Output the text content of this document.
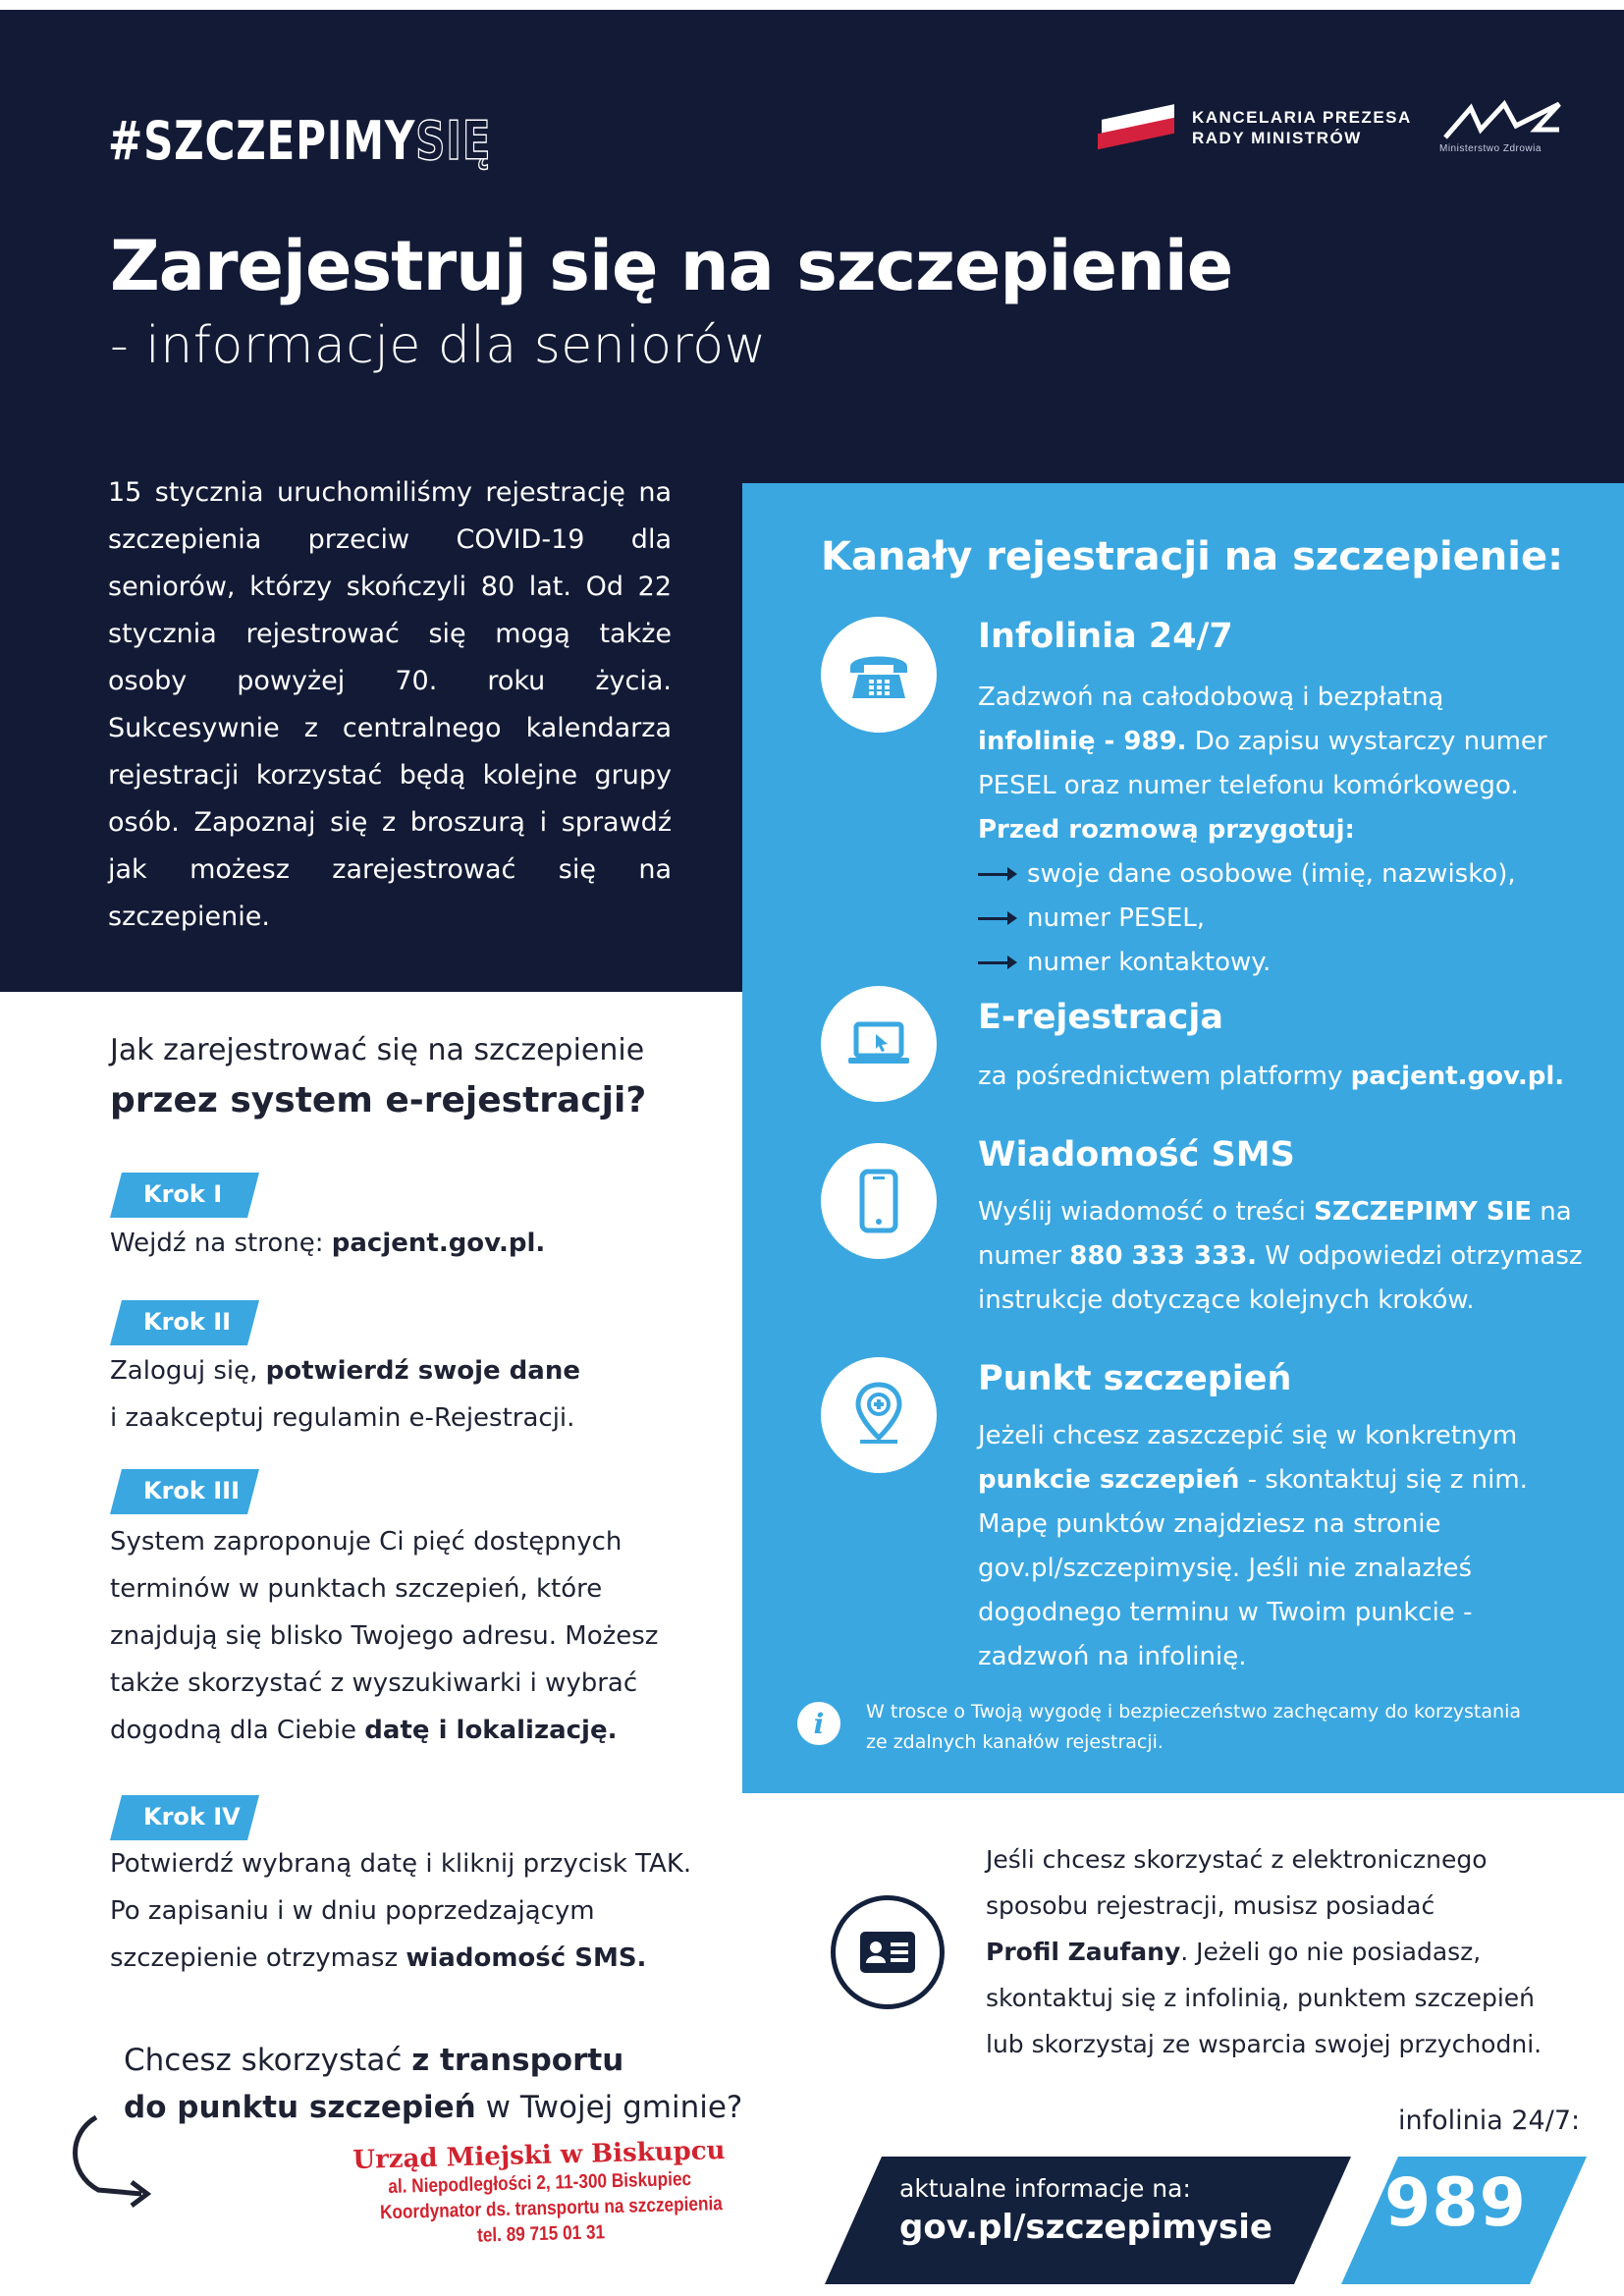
#SZCZEPIMYSIĘ	KANCELARIA PREZESA
RADY MINISTRÓW
Ministerstwo Zdrowia
Zarejestruj się na szczepienie
- informacje dla seniorów
15 stycznia uruchomiliśmy rejestrację na szczepienia przeciw COVID-19 dla seniorów, którzy skończyli 80 lat. Od 22 stycznia rejestrować się mogą także osoby powyżej 70. roku życia. Sukcesywnie z centralnego kalendarza rejestracji korzystać będą kolejne grupy osób. Zapoznaj się z broszurą i sprawdź jak możesz zarejestrować się na szczepienie.
Kanały rejestracji na szczepienie:
Infolinia 24/7
Zadzwoń na całodobową i bezpłatną
infolinię - 989. Do zapisu wystarczy numer
PESEL oraz numer telefonu komórkowego.
Przed rozmową przygotuj:
swoje dane osobowe (imię, nazwisko),
numer PESEL,
numer kontaktowy.
E-rejestracja
za pośrednictwem platformy pacjent.gov.pl.
Wiadomość SMS
Wyślij wiadomość o treści SZCZEPIMY SIE na
numer 880 333 333. W odpowiedzi otrzymasz
instrukcje dotyczące kolejnych kroków.
Punkt szczepień
Jeżeli chcesz zaszczepić się w konkretnym
punkcie szczepień - skontaktuj się z nim.
Mapę punktów znajdziesz na stronie
gov.pl/szczepimysię. Jeśli nie znalazłeś
dogodnego terminu w Twoim punkcie -
zadzwoń na infolinię.
i	W trosce o Twoją wygodę i bezpieczeństwo zachęcamy do korzystania
ze zdalnych kanałów rejestracji.
Jak zarejestrować się na szczepienie
przez system e-rejestracji?
Krok I
Wejdź na stronę: pacjent.gov.pl.
Krok II
Zaloguj się, potwierdź swoje dane
i zaakceptuj regulamin e-Rejestracji.
Krok III
System zaproponuje Ci pięć dostępnych
terminów w punktach szczepień, które
znajdują się blisko Twojego adresu. Możesz
także skorzystać z wyszukiwarki i wybrać
dogodną dla Ciebie datę i lokalizację.
Krok IV
Potwierdź wybraną datę i kliknij przycisk TAK.
Po zapisaniu i w dniu poprzedzającym
szczepienie otrzymasz wiadomość SMS.
Chcesz skorzystać z transportu
do punktu szczepień w Twojej gminie?
Urząd Miejski w Biskupcu
al. Niepodległości 2, 11-300 Biskupiec
Koordynator ds. transportu na szczepienia
tel. 89 715 01 31
Jeśli chcesz skorzystać z elektronicznego
sposobu rejestracji, musisz posiadać
Profil Zaufany. Jeżeli go nie posiadasz,
skontaktuj się z infolinią, punktem szczepień
lub skorzystaj ze wsparcia swojej przychodni.
infolinia 24/7:
aktualne informacje na:
gov.pl/szczepimysie 989
